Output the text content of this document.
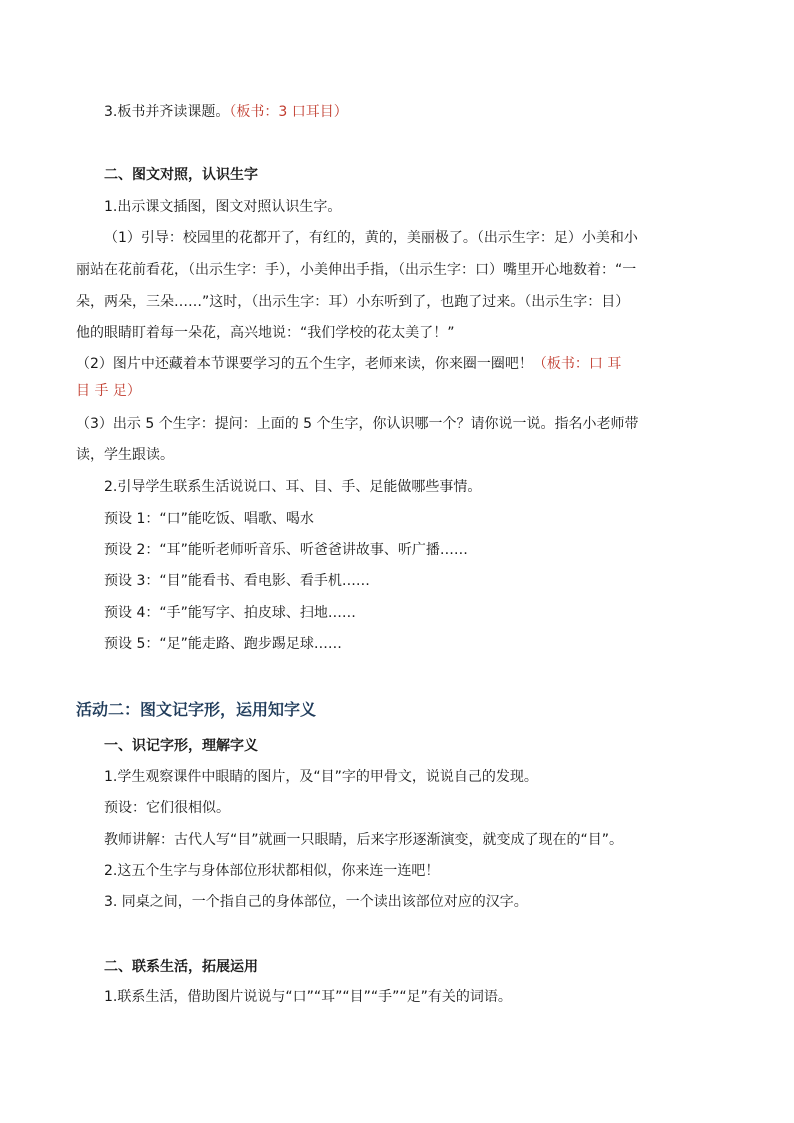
3.板书并齐读课题。（板书：3 口耳目）
二、图文对照，认识生字
1.出示课文插图，图文对照认识生字。
（1）引导：校园里的花都开了，有红的，黄的，美丽极了。（出示生字：足）小美和小
丽站在花前看花，（出示生字：手），小美伸出手指，（出示生字：口）嘴里开心地数着：“一
朵，两朵，三朵……”这时，（出示生字：耳）小东听到了，也跑了过来。（出示生字：目）
他的眼睛盯着每一朵花，高兴地说：“我们学校的花太美了！”
（2）图片中还藏着本节课要学习的五个生字，老师来读，你来圈一圈吧！（板书：口 耳
目 手 足）
（3）出示 5 个生字：提问：上面的 5 个生字，你认识哪一个？请你说一说。指名小老师带
读，学生跟读。
2.引导学生联系生活说说口、耳、目、手、足能做哪些事情。
预设 1：“口”能吃饭、唱歌、喝水
预设 2：“耳”能听老师听音乐、听爸爸讲故事、听广播……
预设 3：“目”能看书、看电影、看手机……
预设 4：“手”能写字、拍皮球、扫地……
预设 5：“足”能走路、跑步踢足球……
活动二：图文记字形，运用知字义
一、识记字形，理解字义
1.学生观察课件中眼睛的图片，及“目”字的甲骨文，说说自己的发现。
预设：它们很相似。
教师讲解：古代人写“目”就画一只眼睛，后来字形逐渐演变，就变成了现在的“目”。
2.这五个生字与身体部位形状都相似，你来连一连吧！
3. 同桌之间，一个指自己的身体部位，一个读出该部位对应的汉字。
二、联系生活，拓展运用
1.联系生活，借助图片说说与“口”“耳”“目”“手”“足”有关的词语。
